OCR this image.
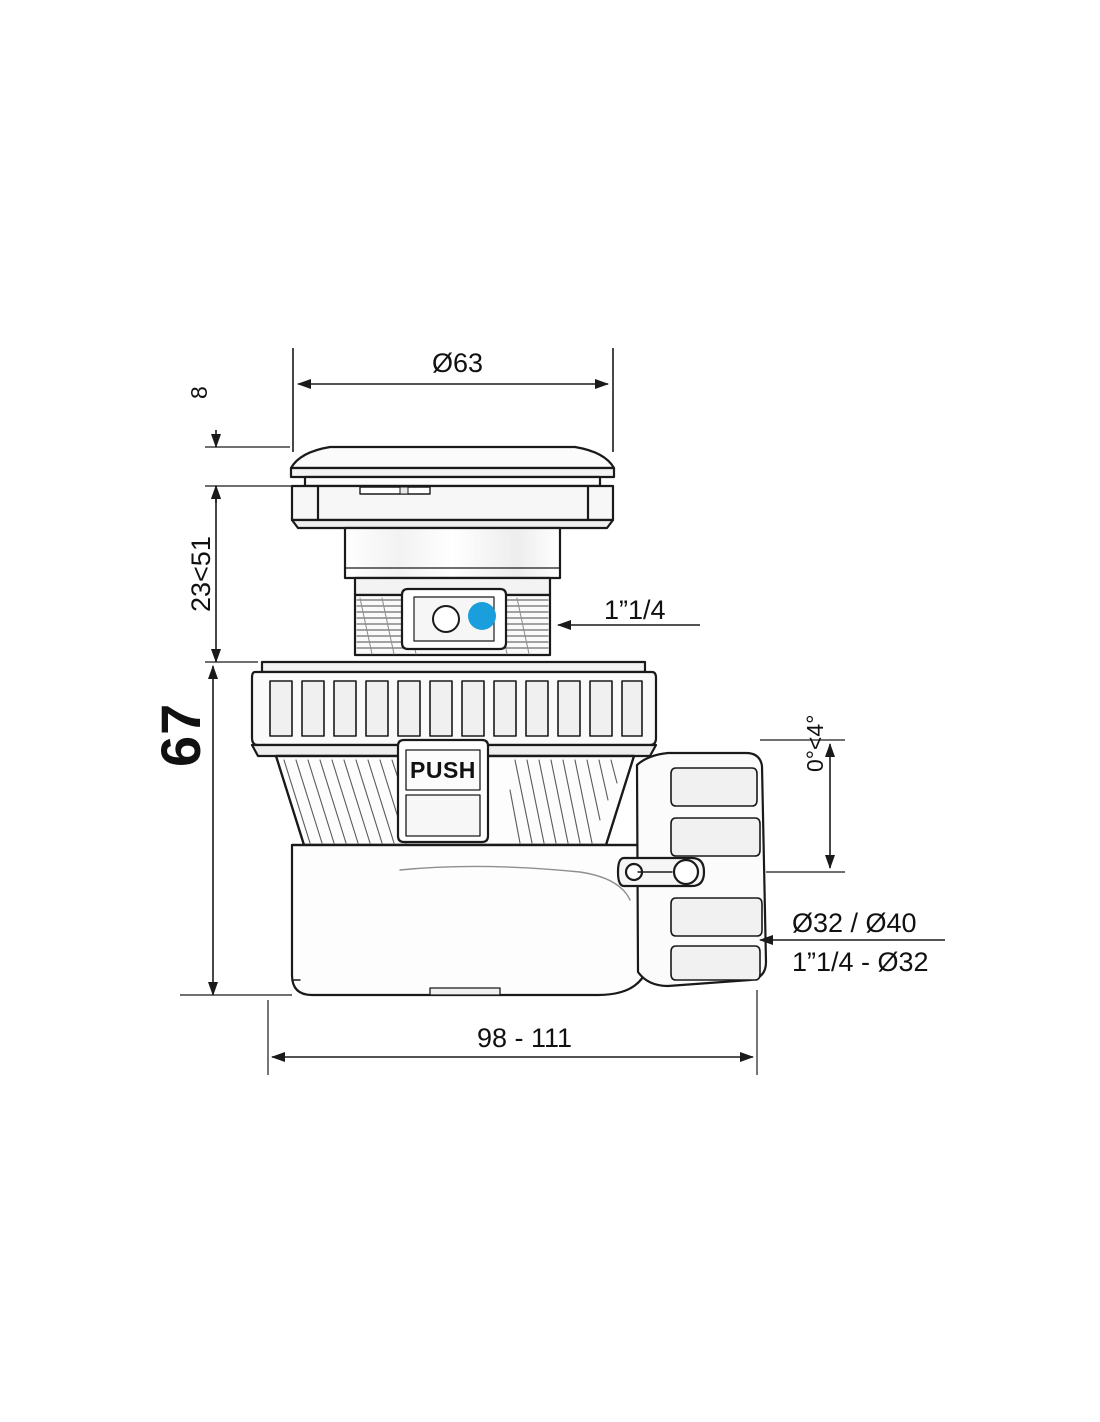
Ø63
8
23<51
67
1”1/4
0°<4°
Ø32 / Ø40
1”1/4 - Ø32
98 - 111
PUSH
